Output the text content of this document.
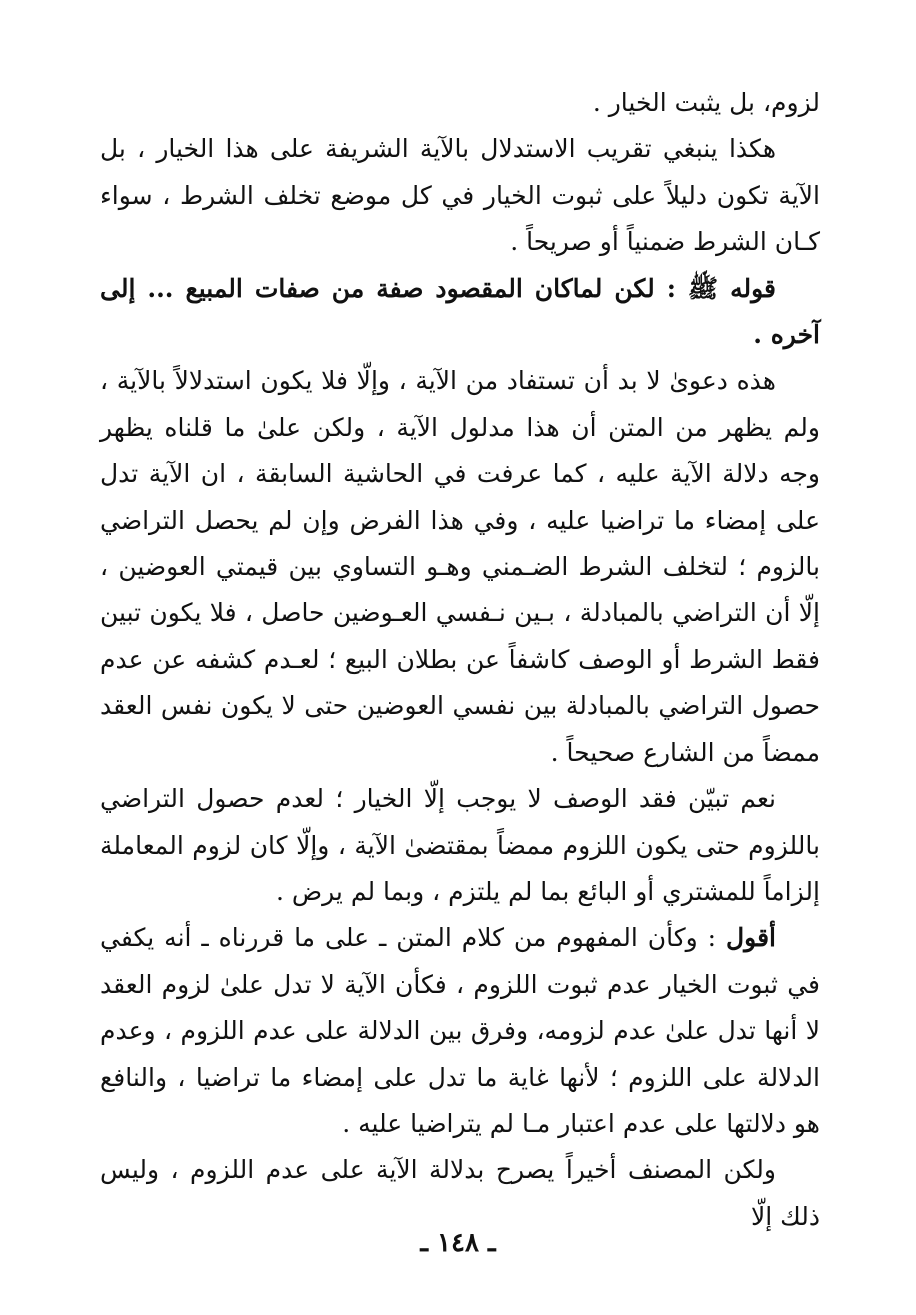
لزوم، بل يثبت الخيار .

هكذا ينبغي تقريب الاستدلال بالآية الشريفة على هذا الخيار ، بل الآية تكون دليلاً على ثبوت الخيار في كل موضع تخلف الشرط ، سواء كـان الشرط ضمنياً أو صريحاً .

قوله ﷺ : لكن لماكان المقصود صفة من صفات المبيع ... إلى آخره .

هذه دعوىٰ لا بد أن تستفاد من الآية ، وإلّا فلا يكون استدلالاً بالآية ، ولم يظهر من المتن أن هذا مدلول الآية ، ولكن علىٰ ما قلناه يظهر وجه دلالة الآية عليه ، كما عرفت في الحاشية السابقة ، ان الآية تدل على إمضاء ما تراضيا عليه ، وفي هذا الفرض وإن لم يحصل التراضي بالزوم ؛ لتخلف الشرط الضـمني وهـو التساوي بين قيمتي العوضين ، إلّا أن التراضي بالمبادلة ، بـين نـفسي العـوضين حاصل ، فلا يكون تبين فقط الشرط أو الوصف كاشفاً عن بطلان البيع ؛ لعـدم كشفه عن عدم حصول التراضي بالمبادلة بين نفسي العوضين حتى لا يكون نفس العقد ممضاً من الشارع صحيحاً .

نعم تبيّن فقد الوصف لا يوجب إلّا الخيار ؛ لعدم حصول التراضي باللزوم حتى يكون اللزوم ممضاً بمقتضىٰ الآية ، وإلّا كان لزوم المعاملة إلزاماً للمشتري أو البائع بما لم يلتزم ، وبما لم يرض .

أقول : وكأن المفهوم من كلام المتن ـ على ما قررناه ـ أنه يكفي في ثبوت الخيار عدم ثبوت اللزوم ، فكأن الآية لا تدل علىٰ لزوم العقد لا أنها تدل علىٰ عدم لزومه، وفرق بين الدلالة على عدم اللزوم ، وعدم الدلالة على اللزوم ؛ لأنها غاية ما تدل على إمضاء ما تراضيا ، والنافع هو دلالتها على عدم اعتبار مـا لم يتراضيا عليه .

ولكن المصنف أخيراً يصرح بدلالة الآية على عدم اللزوم ، وليس ذلك إلّا

ـ ١٤٨ ـ
